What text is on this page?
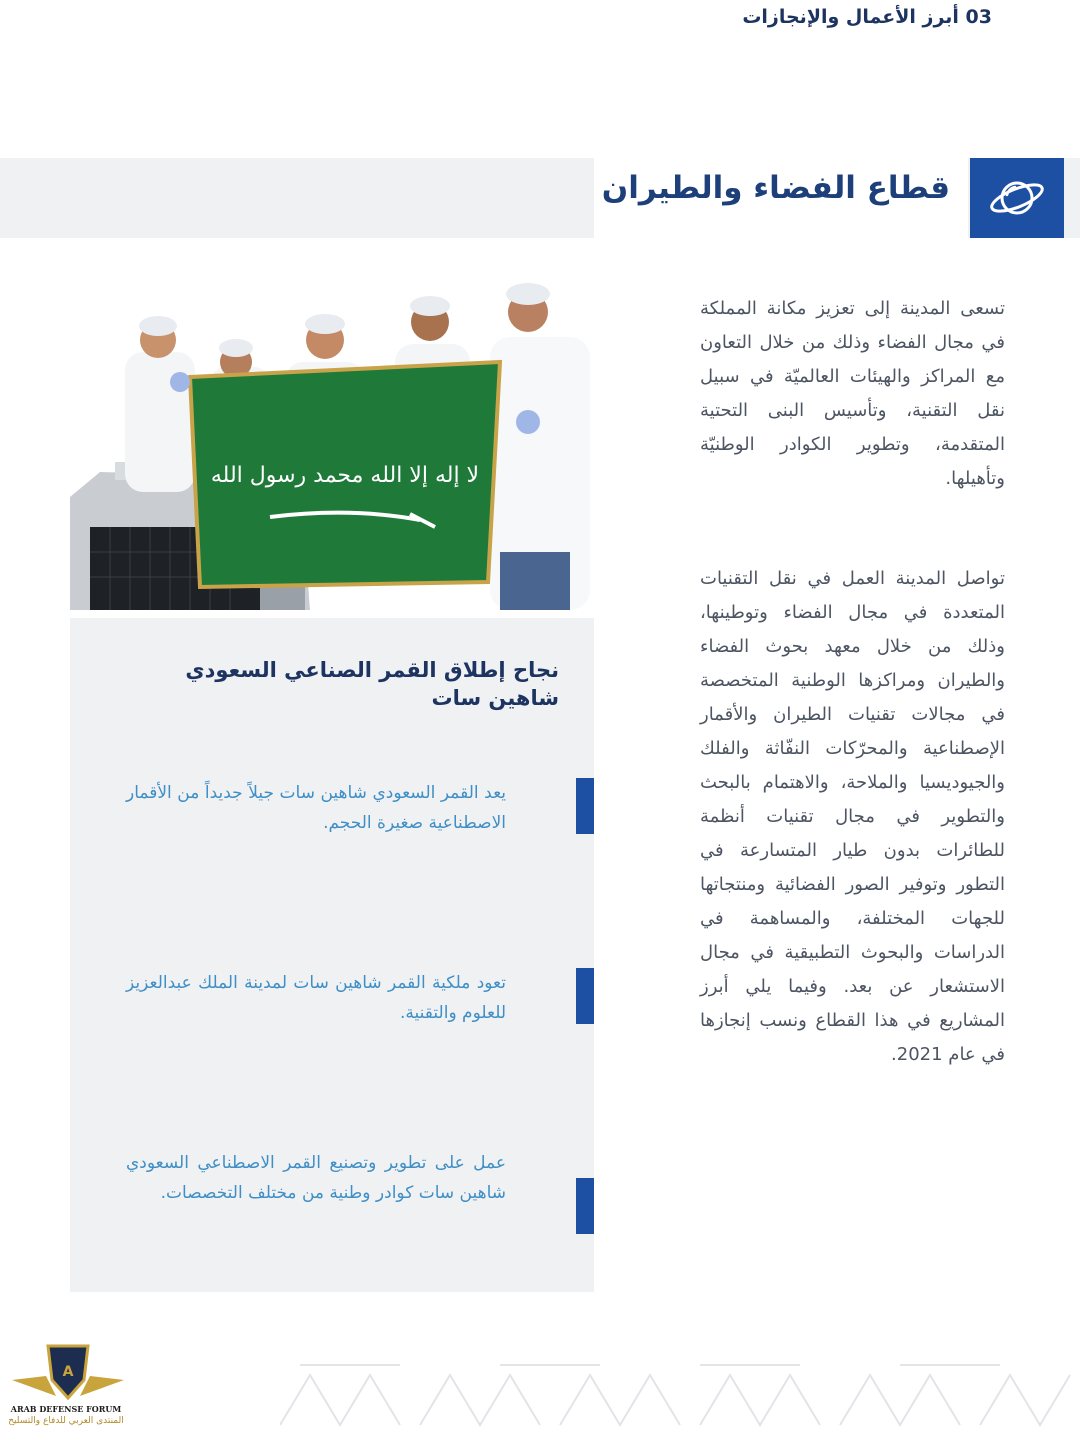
03 أبرز الأعمال والإنجازات
قطاع الفضاء والطيران

تسعى المدينة إلى تعزيز مكانة المملكة في مجال الفضاء وذلك من خلال التعاون مع المراكز والهيئات العالميّة في سبيل نقل التقنية، وتأسيس البنى التحتية المتقدمة، وتطوير الكوادر الوطنيّة وتأهيلها.

تواصل المدينة العمل في نقل التقنيات المتعددة في مجال الفضاء وتوطينها، وذلك من خلال معهد بحوث الفضاء والطيران ومراكزها الوطنية المتخصصة في مجالات تقنيات الطيران والأقمار الإصطناعية والمحرّكات النفّاثة والفلك والجيوديسيا والملاحة، والاهتمام بالبحث والتطوير في مجال تقنيات أنظمة للطائرات بدون طيار المتسارعة في التطور وتوفير الصور الفضائية ومنتجاتها للجهات المختلفة، والمساهمة في الدراسات والبحوث التطبيقية في مجال الاستشعار عن بعد. وفيما يلي أبرز المشاريع في هذا القطاع ونسب إنجازها في عام 2021.

لا إله إلا الله محمد رسول الله
نجاح إطلاق القمر الصناعي السعودي شاهين سات

يعد القمر السعودي شاهين سات جيلاً جديداً من الأقمار الاصطناعية صغيرة الحجم.

تعود ملكية القمر شاهين سات لمدينة الملك عبدالعزيز للعلوم والتقنية.

عمل على تطوير وتصنيع القمر الاصطناعي السعودي شاهين سات كوادر وطنية من مختلف التخصصات.

A
ARAB DEFENSE FORUM
المنتدى العربي للدفاع والتسليح
